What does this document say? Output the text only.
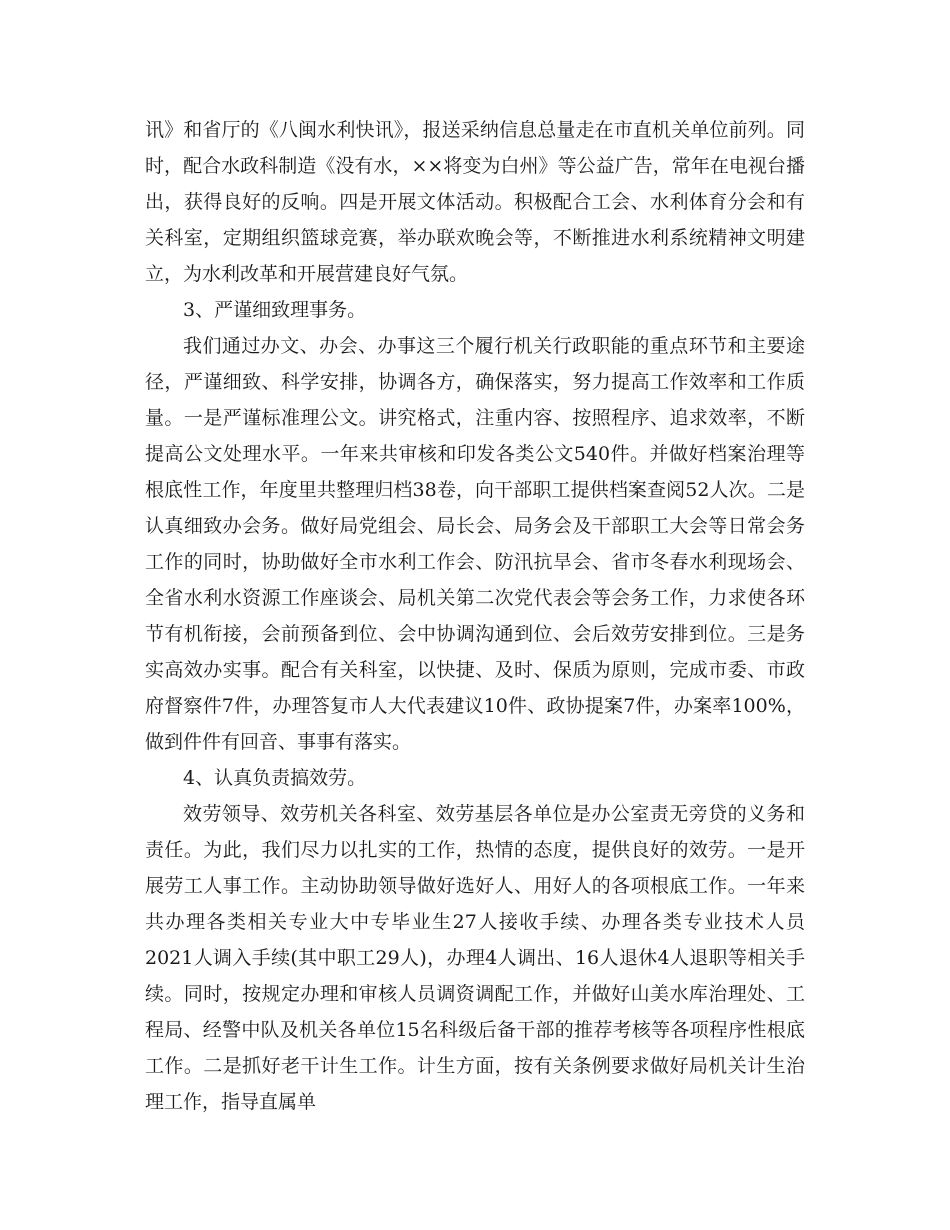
讯》和省厅的《八闽水利快讯》，报送采纳信息总量走在市直机关单位前列。同时，配合水政科制造《没有水，××将变为白州》等公益广告，常年在电视台播出，获得良好的反响。四是开展文体活动。积极配合工会、水利体育分会和有关科室，定期组织篮球竞赛，举办联欢晚会等，不断推进水利系统精神文明建立，为水利改革和开展营建良好气氛。

3、严谨细致理事务。

我们通过办文、办会、办事这三个履行机关行政职能的重点环节和主要途径，严谨细致、科学安排，协调各方，确保落实，努力提高工作效率和工作质量。一是严谨标准理公文。讲究格式，注重内容、按照程序、追求效率，不断提高公文处理水平。一年来共审核和印发各类公文540件。并做好档案治理等根底性工作，年度里共整理归档38卷，向干部职工提供档案查阅52人次。二是认真细致办会务。做好局党组会、局长会、局务会及干部职工大会等日常会务工作的同时，协助做好全市水利工作会、防汛抗旱会、省市冬春水利现场会、全省水利水资源工作座谈会、局机关第二次党代表会等会务工作，力求使各环节有机衔接，会前预备到位、会中协调沟通到位、会后效劳安排到位。三是务实高效办实事。配合有关科室，以快捷、及时、保质为原则，完成市委、市政府督察件7件，办理答复市人大代表建议10件、政协提案7件，办案率100%，做到件件有回音、事事有落实。

4、认真负责搞效劳。

效劳领导、效劳机关各科室、效劳基层各单位是办公室责无旁贷的义务和责任。为此，我们尽力以扎实的工作，热情的态度，提供良好的效劳。一是开展劳工人事工作。主动协助领导做好选好人、用好人的各项根底工作。一年来共办理各类相关专业大中专毕业生27人接收手续、办理各类专业技术人员2021人调入手续(其中职工29人)，办理4人调出、16人退休4人退职等相关手续。同时，按规定办理和审核人员调资调配工作，并做好山美水库治理处、工程局、经警中队及机关各单位15名科级后备干部的推荐考核等各项程序性根底工作。二是抓好老干计生工作。计生方面，按有关条例要求做好局机关计生治理工作，指导直属单
